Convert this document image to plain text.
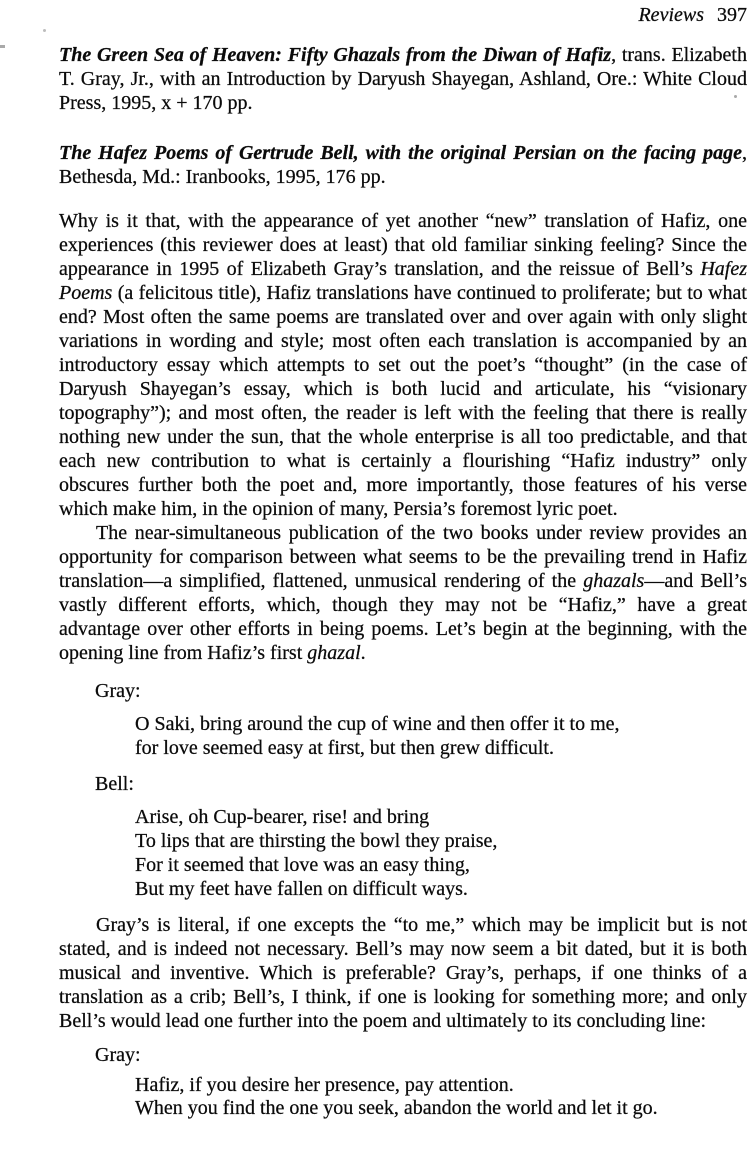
Reviews 397

The Green Sea of Heaven: Fifty Ghazals from the Diwan of Hafiz, trans. Elizabeth T. Gray, Jr., with an Introduction by Daryush Shayegan, Ashland, Ore.: White Cloud Press, 1995, x + 170 pp.

The Hafez Poems of Gertrude Bell, with the original Persian on the facing page, Bethesda, Md.: Iranbooks, 1995, 176 pp.

Why is it that, with the appearance of yet another “new” translation of Hafiz, one experiences (this reviewer does at least) that old familiar sinking feeling? Since the appearance in 1995 of Elizabeth Gray’s translation, and the reissue of Bell’s Hafez Poems (a felicitous title), Hafiz translations have continued to proliferate; but to what end? Most often the same poems are translated over and over again with only slight variations in wording and style; most often each translation is accompanied by an introductory essay which attempts to set out the poet’s “thought” (in the case of Daryush Shayegan’s essay, which is both lucid and articulate, his “visionary topography”); and most often, the reader is left with the feeling that there is really nothing new under the sun, that the whole enterprise is all too predictable, and that each new contribution to what is certainly a flourishing “Hafiz industry” only obscures further both the poet and, more importantly, those features of his verse which make him, in the opinion of many, Persia’s foremost lyric poet.

The near-simultaneous publication of the two books under review provides an opportunity for comparison between what seems to be the prevailing trend in Hafiz translation—a simplified, flattened, unmusical rendering of the ghazals—and Bell’s vastly different efforts, which, though they may not be “Hafiz,” have a great advantage over other efforts in being poems. Let’s begin at the beginning, with the opening line from Hafiz’s first ghazal.

Gray:
O Saki, bring around the cup of wine and then offer it to me,
for love seemed easy at first, but then grew difficult.
Bell:
Arise, oh Cup-bearer, rise! and bring
To lips that are thirsting the bowl they praise,
For it seemed that love was an easy thing,
But my feet have fallen on difficult ways.

Gray’s is literal, if one excepts the “to me,” which may be implicit but is not stated, and is indeed not necessary. Bell’s may now seem a bit dated, but it is both musical and inventive. Which is preferable? Gray’s, perhaps, if one thinks of a translation as a crib; Bell’s, I think, if one is looking for something more; and only Bell’s would lead one further into the poem and ultimately to its concluding line:

Gray:
Hafiz, if you desire her presence, pay attention.
When you find the one you seek, abandon the world and let it go.
